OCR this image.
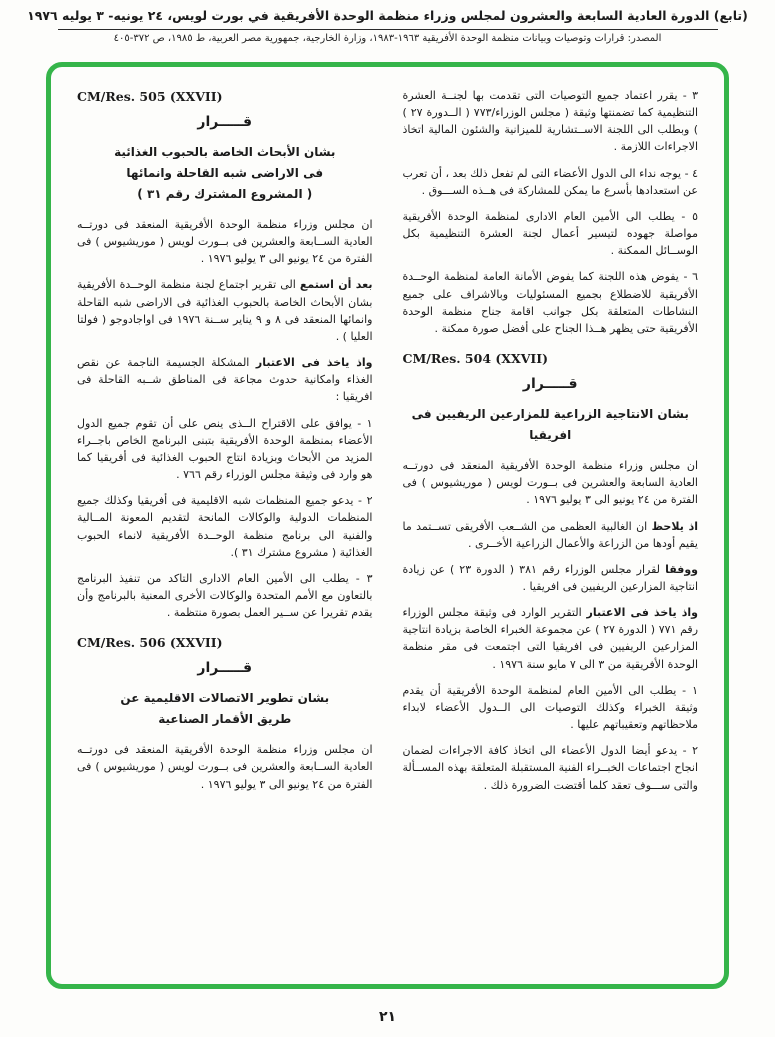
(تابع) الدورة العادية السابعة والعشرون لمجلس وزراء منظمة الوحدة الأفريقية في بورت لويس، ٢٤ يونيه- ٣ يوليه ١٩٧٦
المصدر: قرارات وتوصيات وبيانات منظمة الوحدة الأفريقية ١٩٦٣-١٩٨٣، وزارة الخارجية، جمهورية مصر العربية، ط ١٩٨٥، ص ٣٧٢-٤٠٥

٣ - يقرر اعتماد جميع التوصيات التى تقدمت بها لجنــة العشرة التنظيمية كما تضمنتها وثيقة ( مجلس الوزراء/٧٧٣ ( الــدورة ٢٧ ) ) وبطلب الى اللجنة الاســتشارية للميزانية والشئون المالية اتخاذ الاجراءات اللازمة .

٤ - يوجه نداء الى الدول الأعضاء التى لم تفعل ذلك بعد ، أن تعرب عن استعدادها بأسرع ما يمكن للمشاركة فى هــذه الســـوق .

٥ - يطلب الى الأمين العام الادارى لمنظمة الوحدة الأفريقية مواصلة جهوده لتيسير أعمال لجنة العشرة التنظيمية بكل الوســائل الممكنة .

٦ - يفوض هذه اللجنة كما يفوض الأمانة العامة لمنظمة الوحــدة الأفريقية للاضطلاع بجميع المسئوليات وبالاشراف على جميع النشاطات المتعلقة بكل جوانب اقامة جناح منظمة الوحدة الأفريقية حتى يظهر هــذا الجناح على أفضل صورة ممكنة .

CM/Res. 504 (XXVII)
قـــــرار
بشان الانتاجية الزراعية للمزارعين الريفيين فى افريقيا

ان مجلس وزراء منظمة الوحدة الأفريقية المنعقد فى دورتــه العادية السابعة والعشرين فى بــورت لويس ( موريشيوس ) فى الفترة من ٢٤ يونيو الى ٣ يوليو ١٩٧٦ .

اذ يلاحظ ان الغالبية العظمى من الشــعب الأفريقى تســتمد ما يقيم أودها من الزراعة والأعمال الزراعية الأخــرى .

ووفقا لقرار مجلس الوزراء رقم ٣٨١ ( الدورة ٢٣ ) عن زيادة انتاجية المزارعين الريفيين فى افريقيا .

واذ ياخذ فى الاعتبار التقرير الوارد فى وثيقة مجلس الوزراء رقم ٧٧١ ( الدورة ٢٧ ) عن مجموعة الخبراء الخاصة بزيادة انتاجية المزارعين الريفيين فى افريقيا التى اجتمعت فى مقر منظمة الوحدة الأفريقية من ٣ الى ٧ مايو سنة ١٩٧٦ .

١ - يطلب الى الأمين العام لمنظمة الوحدة الأفريقية أن يقدم وثيقة الخبراء وكذلك التوصيات الى الــدول الأعضاء لابداء ملاحظاتهم وتعقيباتهم عليها .

٢ - يدعو أيضا الدول الأعضاء الى اتخاذ كافة الاجراءات لضمان انجاح اجتماعات الخبــراء الفنية المستقبلة المتعلقة بهذه المســألة والتى ســـوف تعقد كلما أقتضت الضرورة ذلك .

CM/Res. 505 (XXVII)
قـــــرار
بشان الأبحاث الخاصة بالحبوب الغذائية
فى الاراضى شبه القاحلة وانمائها
( المشروع المشترك رقم ٣١ )

ان مجلس وزراء منظمة الوحدة الأفريقية المنعقد فى دورتــه العادية الســابعة والعشرين فى بــورت لويس ( موريشيوس ) فى الفترة من ٢٤ يونيو الى ٣ يوليو ١٩٧٦ .

بعد أن استمع الى تقرير اجتماع لجنة منظمة الوحــدة الأفريقية بشان الأبحاث الخاصة بالحبوب الغذائية فى الاراضى شبه القاحلة وانمائها المنعقد فى ٨ و ٩ يناير ســنة ١٩٧٦ فى اواجادوجو ( فولتا العليا ) .

واذ ياخذ فى الاعتبار المشكلة الجسيمة الناجمة عن نقص الغذاء وامكانية حدوث مجاعة فى المناطق شــبه القاحلة فى افريقيا :

١ - يوافق على الاقتراح الــذى ينص على أن تقوم جميع الدول الأعضاء بمنظمة الوحدة الأفريقية بتبنى البرنامج الخاص باجــراء المزيد من الأبحاث وبزيادة انتاج الحبوب الغذائية فى أفريقيا كما هو وارد فى وثيقة مجلس الوزراء رقم ٧٦٦ .

٢ - يدعو جميع المنظمات شبه الاقليمية فى أفريقيا وكذلك جميع المنظمات الدولية والوكالات المانحة لتقديم المعونة المــالية والفنية الى برنامج منظمة الوحــدة الأفريقية لانماء الحبوب الغذائية ( مشروع مشترك ٣١ ).

٣ - يطلب الى الأمين العام الادارى التاكد من تنفيذ البرنامج بالتعاون مع الأمم المتحدة والوكالات الأخرى المعنية بالبرنامج وأن يقدم تقريرا عن ســير العمل بصورة منتظمة .

CM/Res. 506 (XXVII)
قـــــرار
بشان تطوير الاتصالات الاقليمية عن
طريق الأقمار الصناعية

ان مجلس وزراء منظمة الوحدة الأفريقية المنعقد فى دورتــه العادية الســابعة والعشرين فى بــورت لويس ( موريشيوس ) فى الفترة من ٢٤ يونيو الى ٣ يوليو ١٩٧٦ .

٢١
